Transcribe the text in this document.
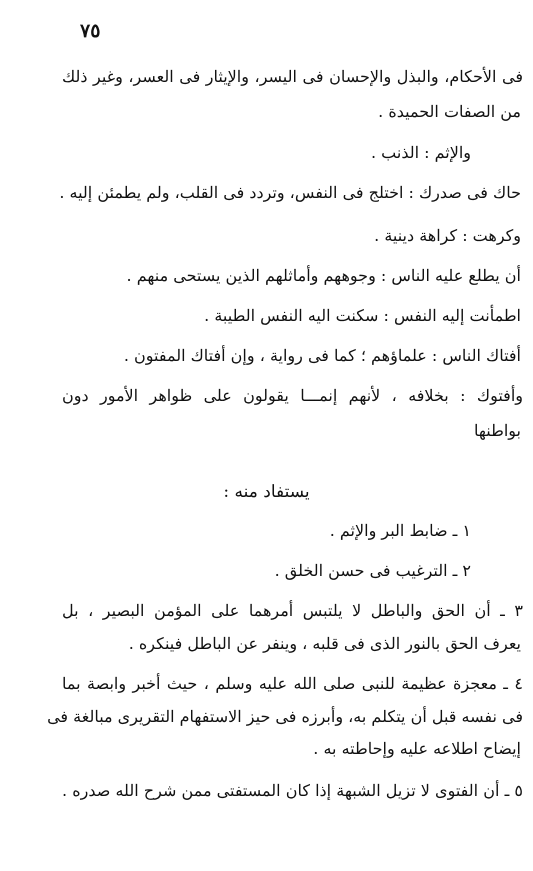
٧٥
فى الأحكام، والبذل والإحسان فى اليسر، والإيثار فى العسر، وغير ذلك
من الصفات الحميدة .
والإثم : الذنب .
حاك فى صدرك : اختلج فى النفس، وتردد فى القلب، ولم يطمئن إليه .
وكرهت : كراهة دينية .
أن يطلع عليه الناس : وجوههم وأماثلهم الذين يستحى منهم .
اطمأنت إليه النفس : سكنت اليه النفس الطيبة .
أفتاك الناس : علماؤهم ؛ كما فى رواية ، وإن أفتاك المفتون .
وأفتوك : بخلافه ، لأنهم إنمـــا يقولون على ظواهر الأمور دون
بواطنها
يستفاد منه :
١ ـ ضابط البر والإثم .
٢ ـ الترغيب فى حسن الخلق .
٣ ـ أن الحق والباطل لا يلتبس أمرهما على المؤمن البصير ، بل
يعرف الحق بالنور الذى فى قلبه ، وينفر عن الباطل فينكره .
٤ ـ معجزة عظيمة للنبى صلى الله عليه وسلم ، حيث أخبر وابصة بما
فى نفسه قبل أن يتكلم به، وأبرزه فى حيز الاستفهام التقريرى مبالغة فى
إيضاح اطلاعه عليه وإحاطته به .
٥ ـ أن الفتوى لا تزيل الشبهة إذا كان المستفتى ممن شرح الله صدره .
